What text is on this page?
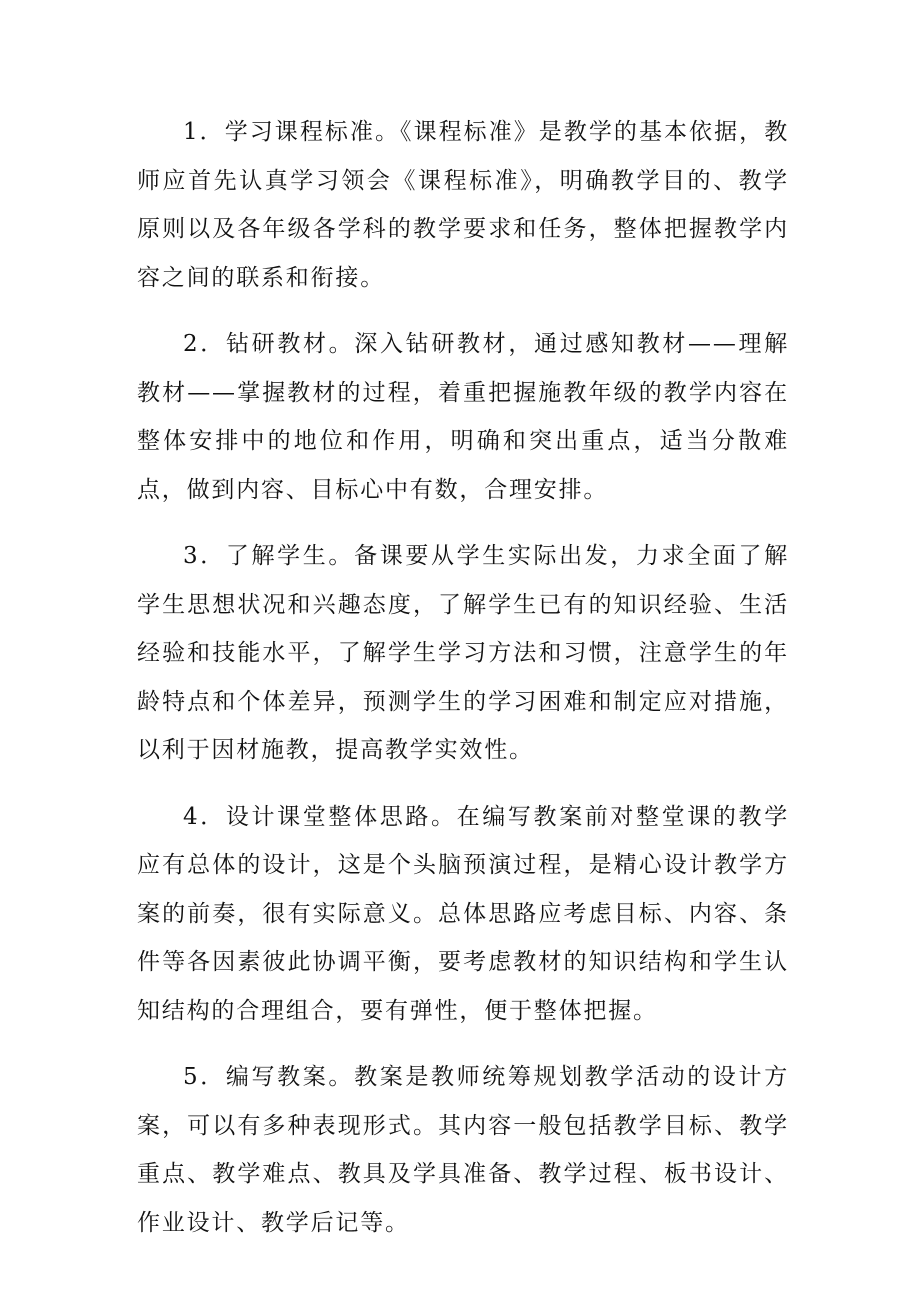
1．学习课程标准。《课程标准》是教学的基本依据，教师应首先认真学习领会《课程标准》，明确教学目的、教学原则以及各年级各学科的教学要求和任务，整体把握教学内容之间的联系和衔接。

2．钻研教材。深入钻研教材，通过感知教材——理解教材——掌握教材的过程，着重把握施教年级的教学内容在整体安排中的地位和作用，明确和突出重点，适当分散难点，做到内容、目标心中有数，合理安排。

3．了解学生。备课要从学生实际出发，力求全面了解学生思想状况和兴趣态度，了解学生已有的知识经验、生活经验和技能水平，了解学生学习方法和习惯，注意学生的年龄特点和个体差异，预测学生的学习困难和制定应对措施，以利于因材施教，提高教学实效性。

4．设计课堂整体思路。在编写教案前对整堂课的教学应有总体的设计，这是个头脑预演过程，是精心设计教学方案的前奏，很有实际意义。总体思路应考虑目标、内容、条件等各因素彼此协调平衡，要考虑教材的知识结构和学生认知结构的合理组合，要有弹性，便于整体把握。

5．编写教案。教案是教师统筹规划教学活动的设计方案，可以有多种表现形式。其内容一般包括教学目标、教学重点、教学难点、教具及学具准备、教学过程、板书设计、作业设计、教学后记等。
